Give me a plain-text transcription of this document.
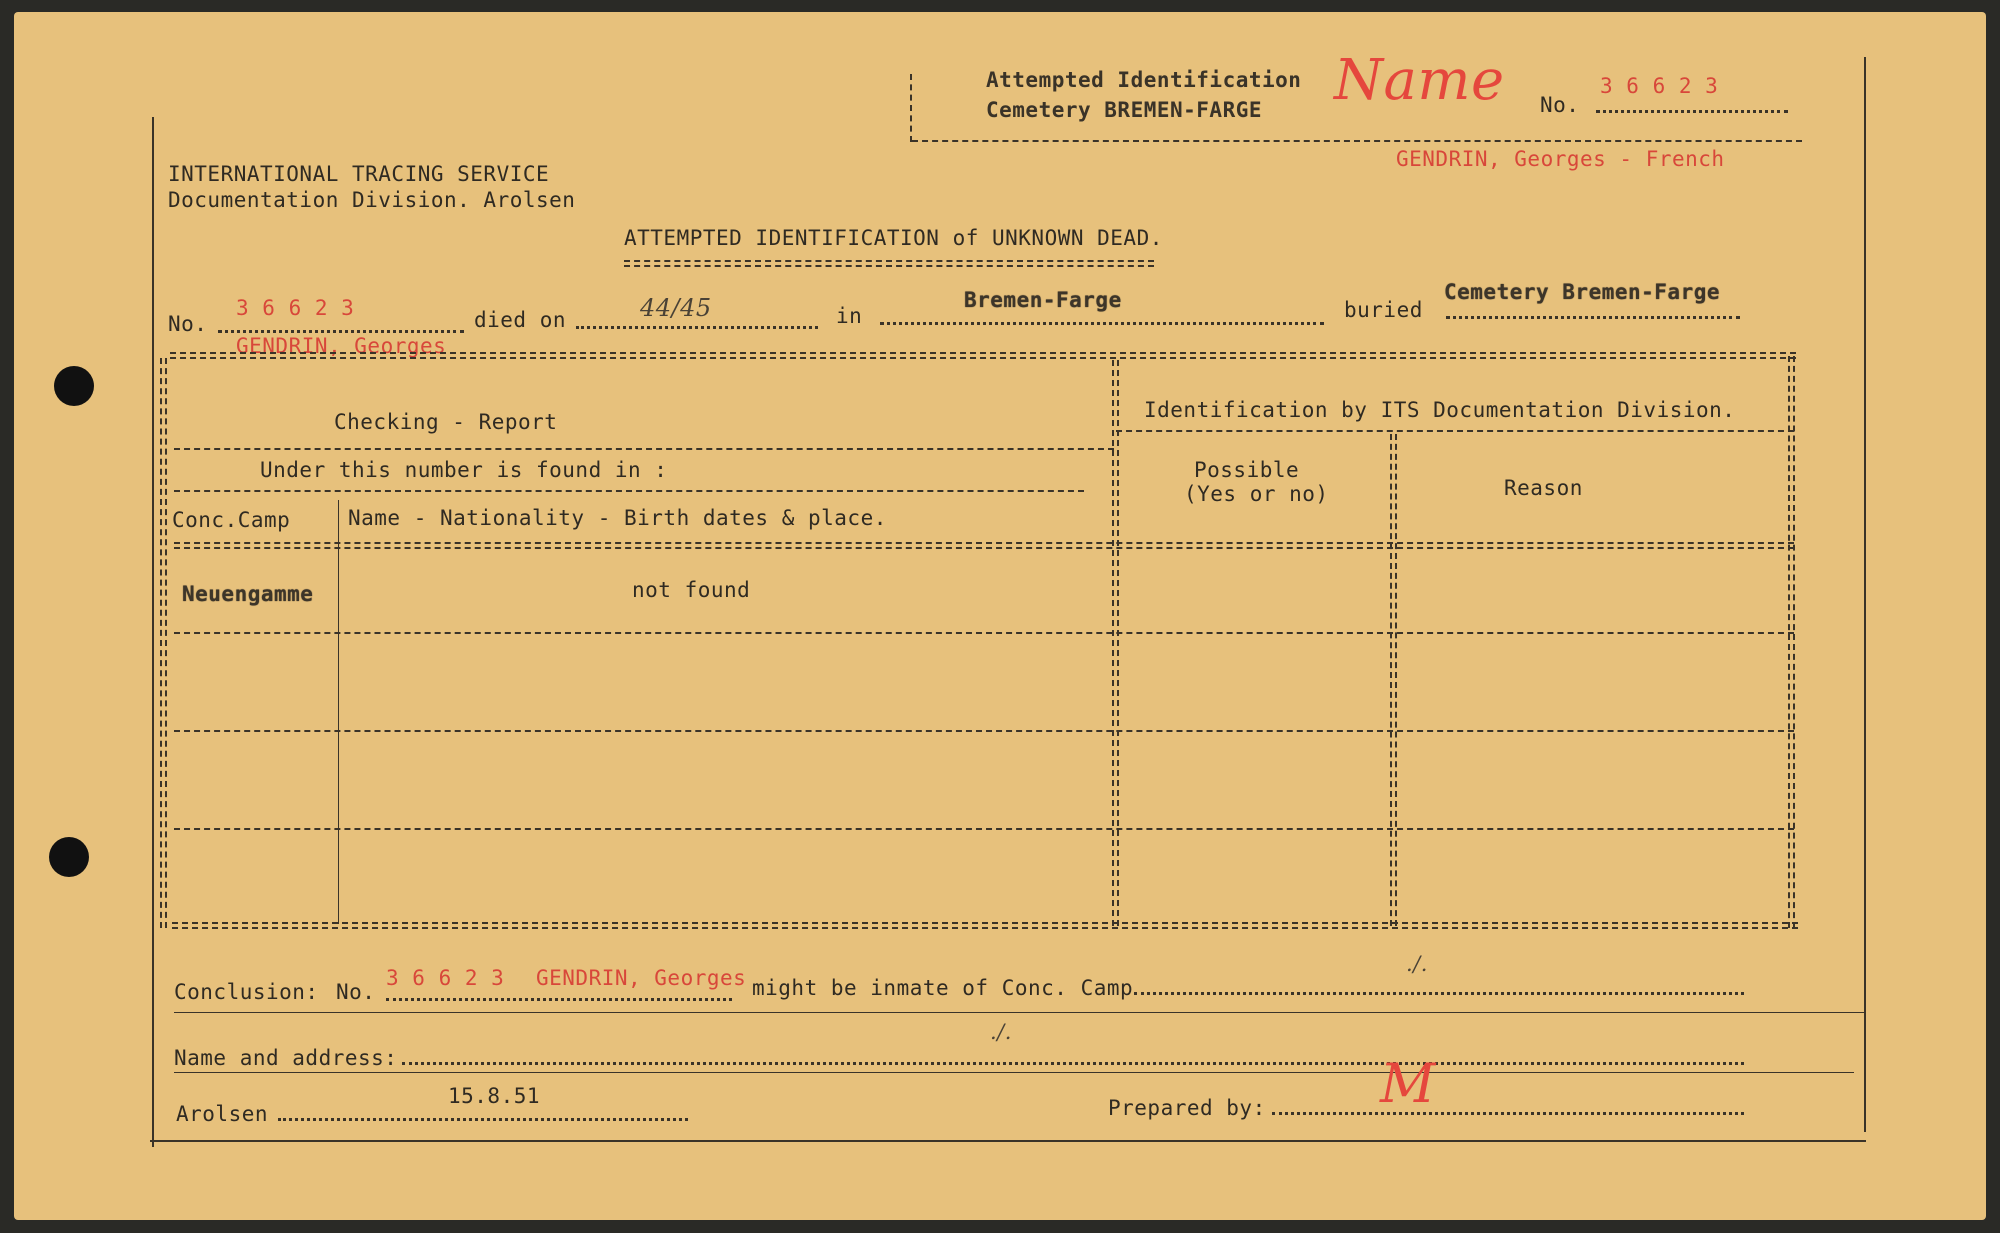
Attempted Identification
Cemetery BREMEN-FARGE Name No.
3 6 6 2 3
GENDRIN, Georges - French
INTERNATIONAL TRACING SERVICE
Documentation Division. Arolsen
ATTEMPTED IDENTIFICATION of UNKNOWN DEAD.
No.
3 6 6 2 3
GENDRIN, Georges
died on	44/45	in
Bremen-Farge	buried
Cemetery Bremen-Farge
Checking - Report	Identification by ITS Documentation Division.
Under this number is found in :
Conc.Camp	Name - Nationality - Birth dates & place.
Possible
(Yes or no)	Reason
Neuengamme	not found
Conclusion: No.
3 6 6 2 3 GENDRIN, Georges might be inmate of Conc. Camp
./.
Name and address:
./.
Arolsen
15.8.51	Prepared by: M
